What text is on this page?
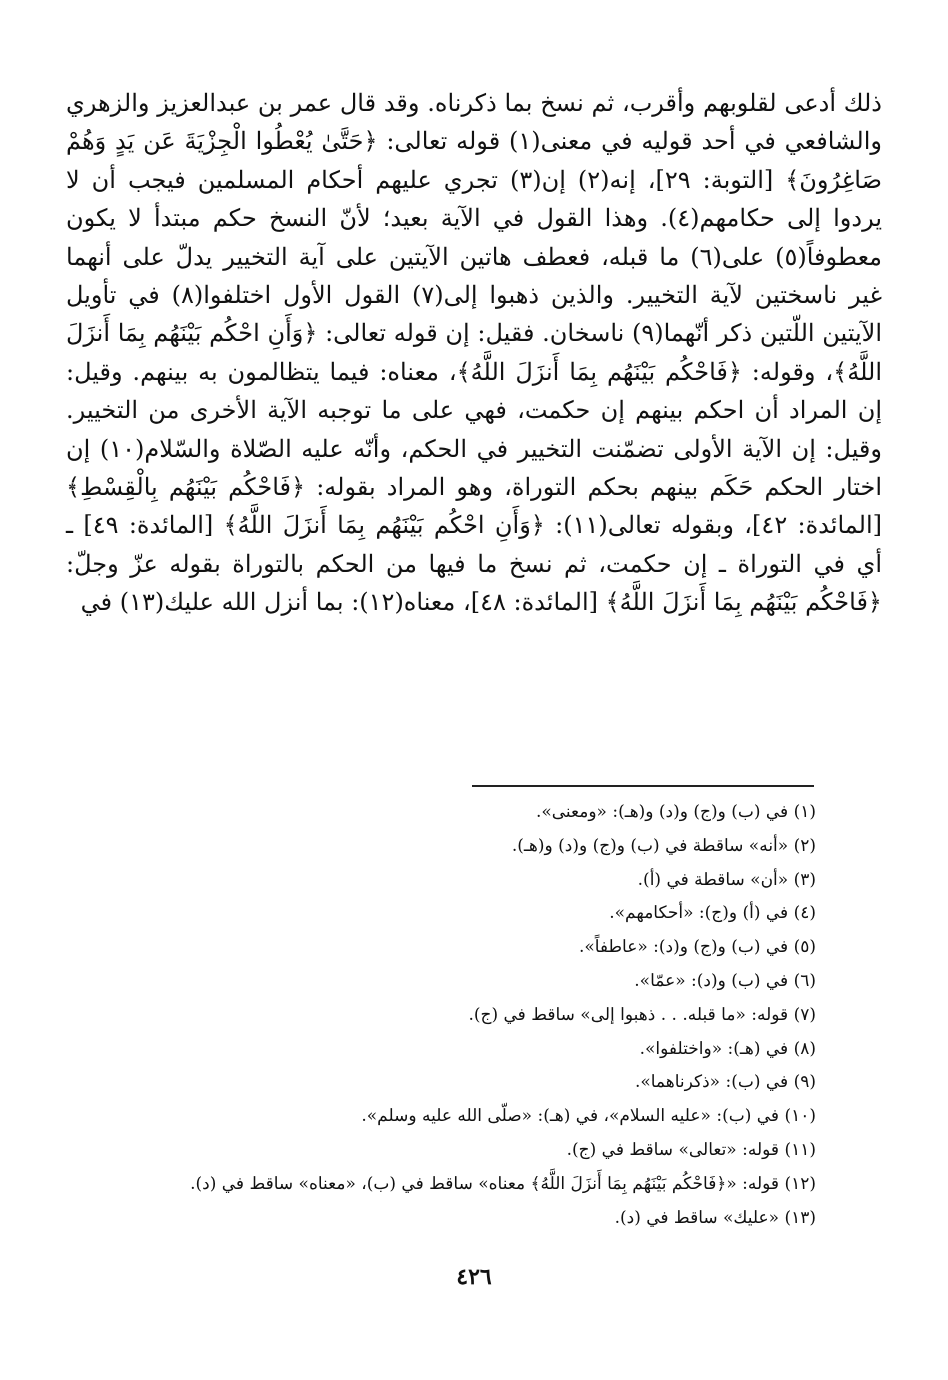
ذلك أدعى لقلوبهم وأقرب، ثم نسخ بما ذكرناه. وقد قال عمر بن عبدالعزيز والزهري والشافعي في أحد قوليه في معنى(١) قوله تعالى: ﴿حَتَّىٰ يُعْطُوا الْجِزْيَةَ عَن يَدٍ وَهُمْ صَاغِرُونَ﴾ [التوبة: ٢٩]، إنه(٢) إن(٣) تجري عليهم أحكام المسلمين فيجب أن لا يردوا إلى حكامهم(٤). وهذا القول في الآية بعيد؛ لأنّ النسخ حكم مبتدأ لا يكون معطوفاً(٥) على(٦) ما قبله، فعطف هاتين الآيتين على آية التخيير يدلّ على أنهما غير ناسختين لآية التخيير. والذين ذهبوا إلى(٧) القول الأول اختلفوا(٨) في تأويل الآيتين اللّتين ذكر أنّهما(٩) ناسخان. فقيل: إن قوله تعالى: ﴿وَأَنِ احْكُم بَيْنَهُم بِمَا أَنزَلَ اللَّهُ﴾، وقوله: ﴿فَاحْكُم بَيْنَهُم بِمَا أَنزَلَ اللَّهُ﴾، معناه: فيما يتظالمون به بينهم. وقيل: إن المراد أن احكم بينهم إن حكمت، فهي على ما توجبه الآية الأخرى من التخيير. وقيل: إن الآية الأولى تضمّنت التخيير في الحكم، وأنّه عليه الصّلاة والسّلام(١٠) إن اختار الحكم حَكَم بينهم بحكم التوراة، وهو المراد بقوله: ﴿فَاحْكُم بَيْنَهُم بِالْقِسْطِ﴾ [المائدة: ٤٢]، وبقوله تعالى(١١): ﴿وَأَنِ احْكُم بَيْنَهُم بِمَا أَنزَلَ اللَّهُ﴾ [المائدة: ٤٩] ـ أي في التوراة ـ إن حكمت، ثم نسخ ما فيها من الحكم بالتوراة بقوله عزّ وجلّ: ﴿فَاحْكُم بَيْنَهُم بِمَا أَنزَلَ اللَّهُ﴾ [المائدة: ٤٨]، معناه(١٢): بما أنزل الله عليك(١٣) في

(١) في (ب) و(ج) و(د) و(هـ): «ومعنى».
(٢) «أنه» ساقطة في (ب) و(ج) و(د) و(هـ).
(٣) «أن» ساقطة في (أ).
(٤) في (أ) و(ج): «أحكامهم».
(٥) في (ب) و(ج) و(د): «عاطفاً».
(٦) في (ب) و(د): «عمّا».
(٧) قوله: «ما قبله. . . ذهبوا إلى» ساقط في (ج).
(٨) في (هـ): «واختلفوا».
(٩) في (ب): «ذكرناهما».
(١٠) في (ب): «عليه السلام»، في (هـ): «صلّى الله عليه وسلم».
(١١) قوله: «تعالى» ساقط في (ج).
(١٢) قوله: «﴿فَاحْكُم بَيْنَهُم بِمَا أَنزَلَ اللَّهُ﴾ معناه» ساقط في (ب)، «معناه» ساقط في (د).
(١٣) «عليك» ساقط في (د).
٤٢٦
